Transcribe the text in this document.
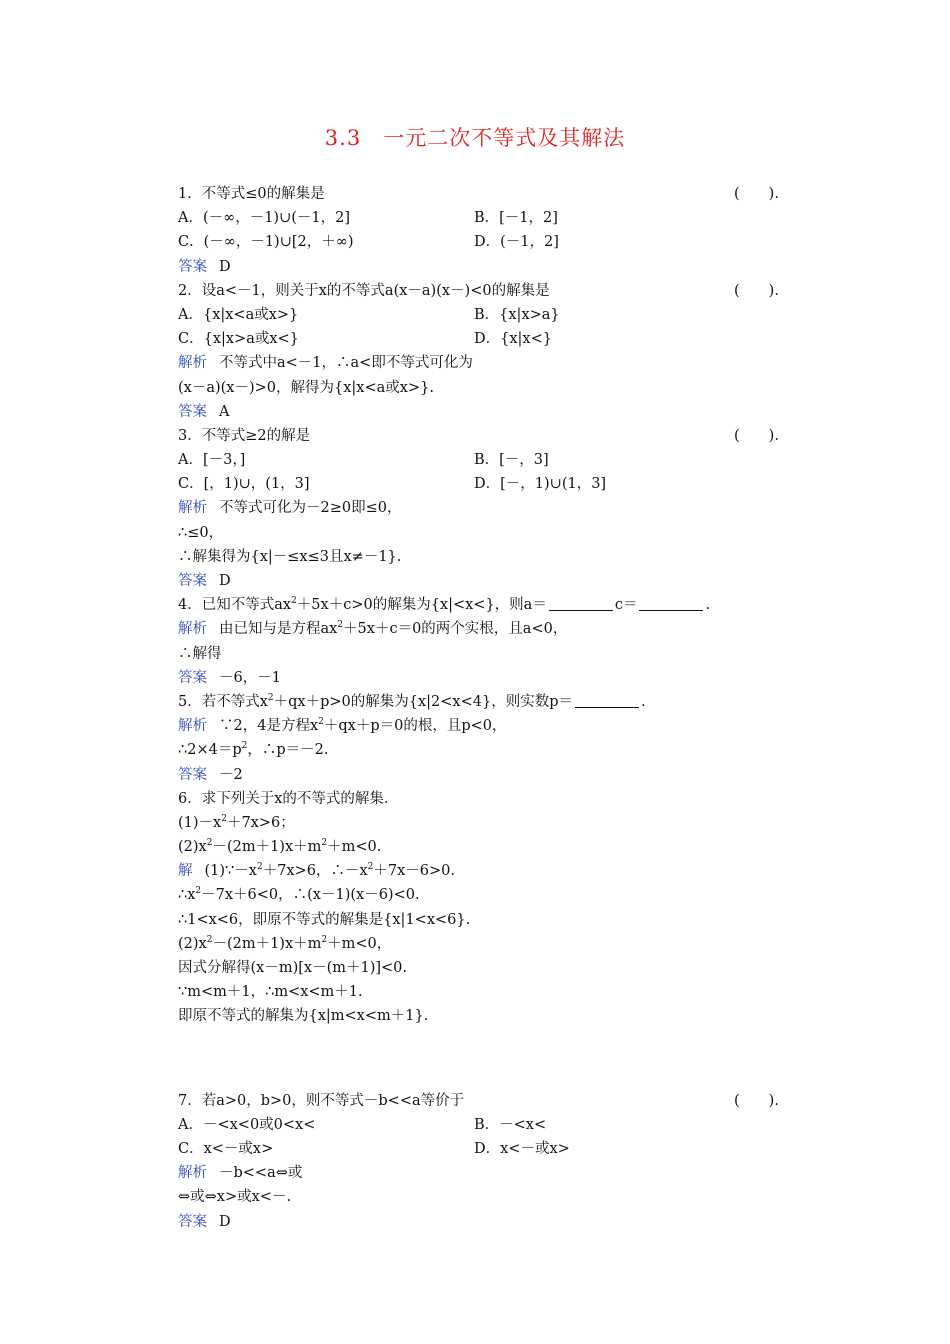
3.3　一元二次不等式及其解法
1．不等式≤0的解集是	(　　).
A．(－∞，－1)∪(－1，2]	B．[－1，2]
C．(－∞，－1)∪[2，＋∞)	D．(－1，2]
答案 D
2．设a<－1，则关于x的不等式a(x－a)(x－)<0的解集是	(　　).
A．{x|x<a或x>}	B．{x|x>a}
C．{x|x>a或x<}	D．{x|x<}
解析 不等式中a<－1，∴a<即不等式可化为
(x－a)(x－)>0，解得为{x|x<a或x>}.
答案 A
3．不等式≥2的解是	(　　).
A．[－3，]	B．[－，3]
C．[，1)∪，(1，3]	D．[－，1)∪(1，3]
解析 不等式可化为－2≥0即≤0，
∴≤0，
∴解集得为{x|－≤x≤3且x≠－1}.
答案 D
4．已知不等式$ax^2+5x+c>0$的解集为{x|<x<}，则a＝	c＝	.
解析 由已知与是方程$ax^2+5x+c=0$的两个实根，且a<0，
∴解得
答案 －6，－1
5．若不等式$x^2+qx+p>0$的解集为{x|2<x<4}，则实数p＝	.
解析 ∵2，4是方程$x^2+qx+p=0$的根，且p<0，
$\therefore 2\times 4=p^2$，∴p＝－2.
答案 －2
6．求下列关于x的不等式的解集.
$(1)-x^2+7x>6$；
$(2)x^2-(2m+1)x+m^2+m<0$.
解 $(1)\because-x^2+7x>6$，$\therefore-x^2+7x-6>0$.
$\therefore x^2-7x+6<0$，∴(x－1)(x－6)<0.
∴1<x<6，即原不等式的解集是{x|1<x<6}.
$(2)x^2-(2m+1)x+m^2+m<0$，
因式分解得(x－m)[x－(m＋1)]<0.
∵m<m＋1，∴m<x<m＋1.
即原不等式的解集为{x|m<x<m＋1}.
7．若a>0，b>0，则不等式－b<<a等价于	(　　).
A．－<x<0或0<x<	B．－<x<
C．x<－或x>	D．x<－或x>
解析 －b<<a⇔或
⇔或⇔x>或x<－.
答案 D
